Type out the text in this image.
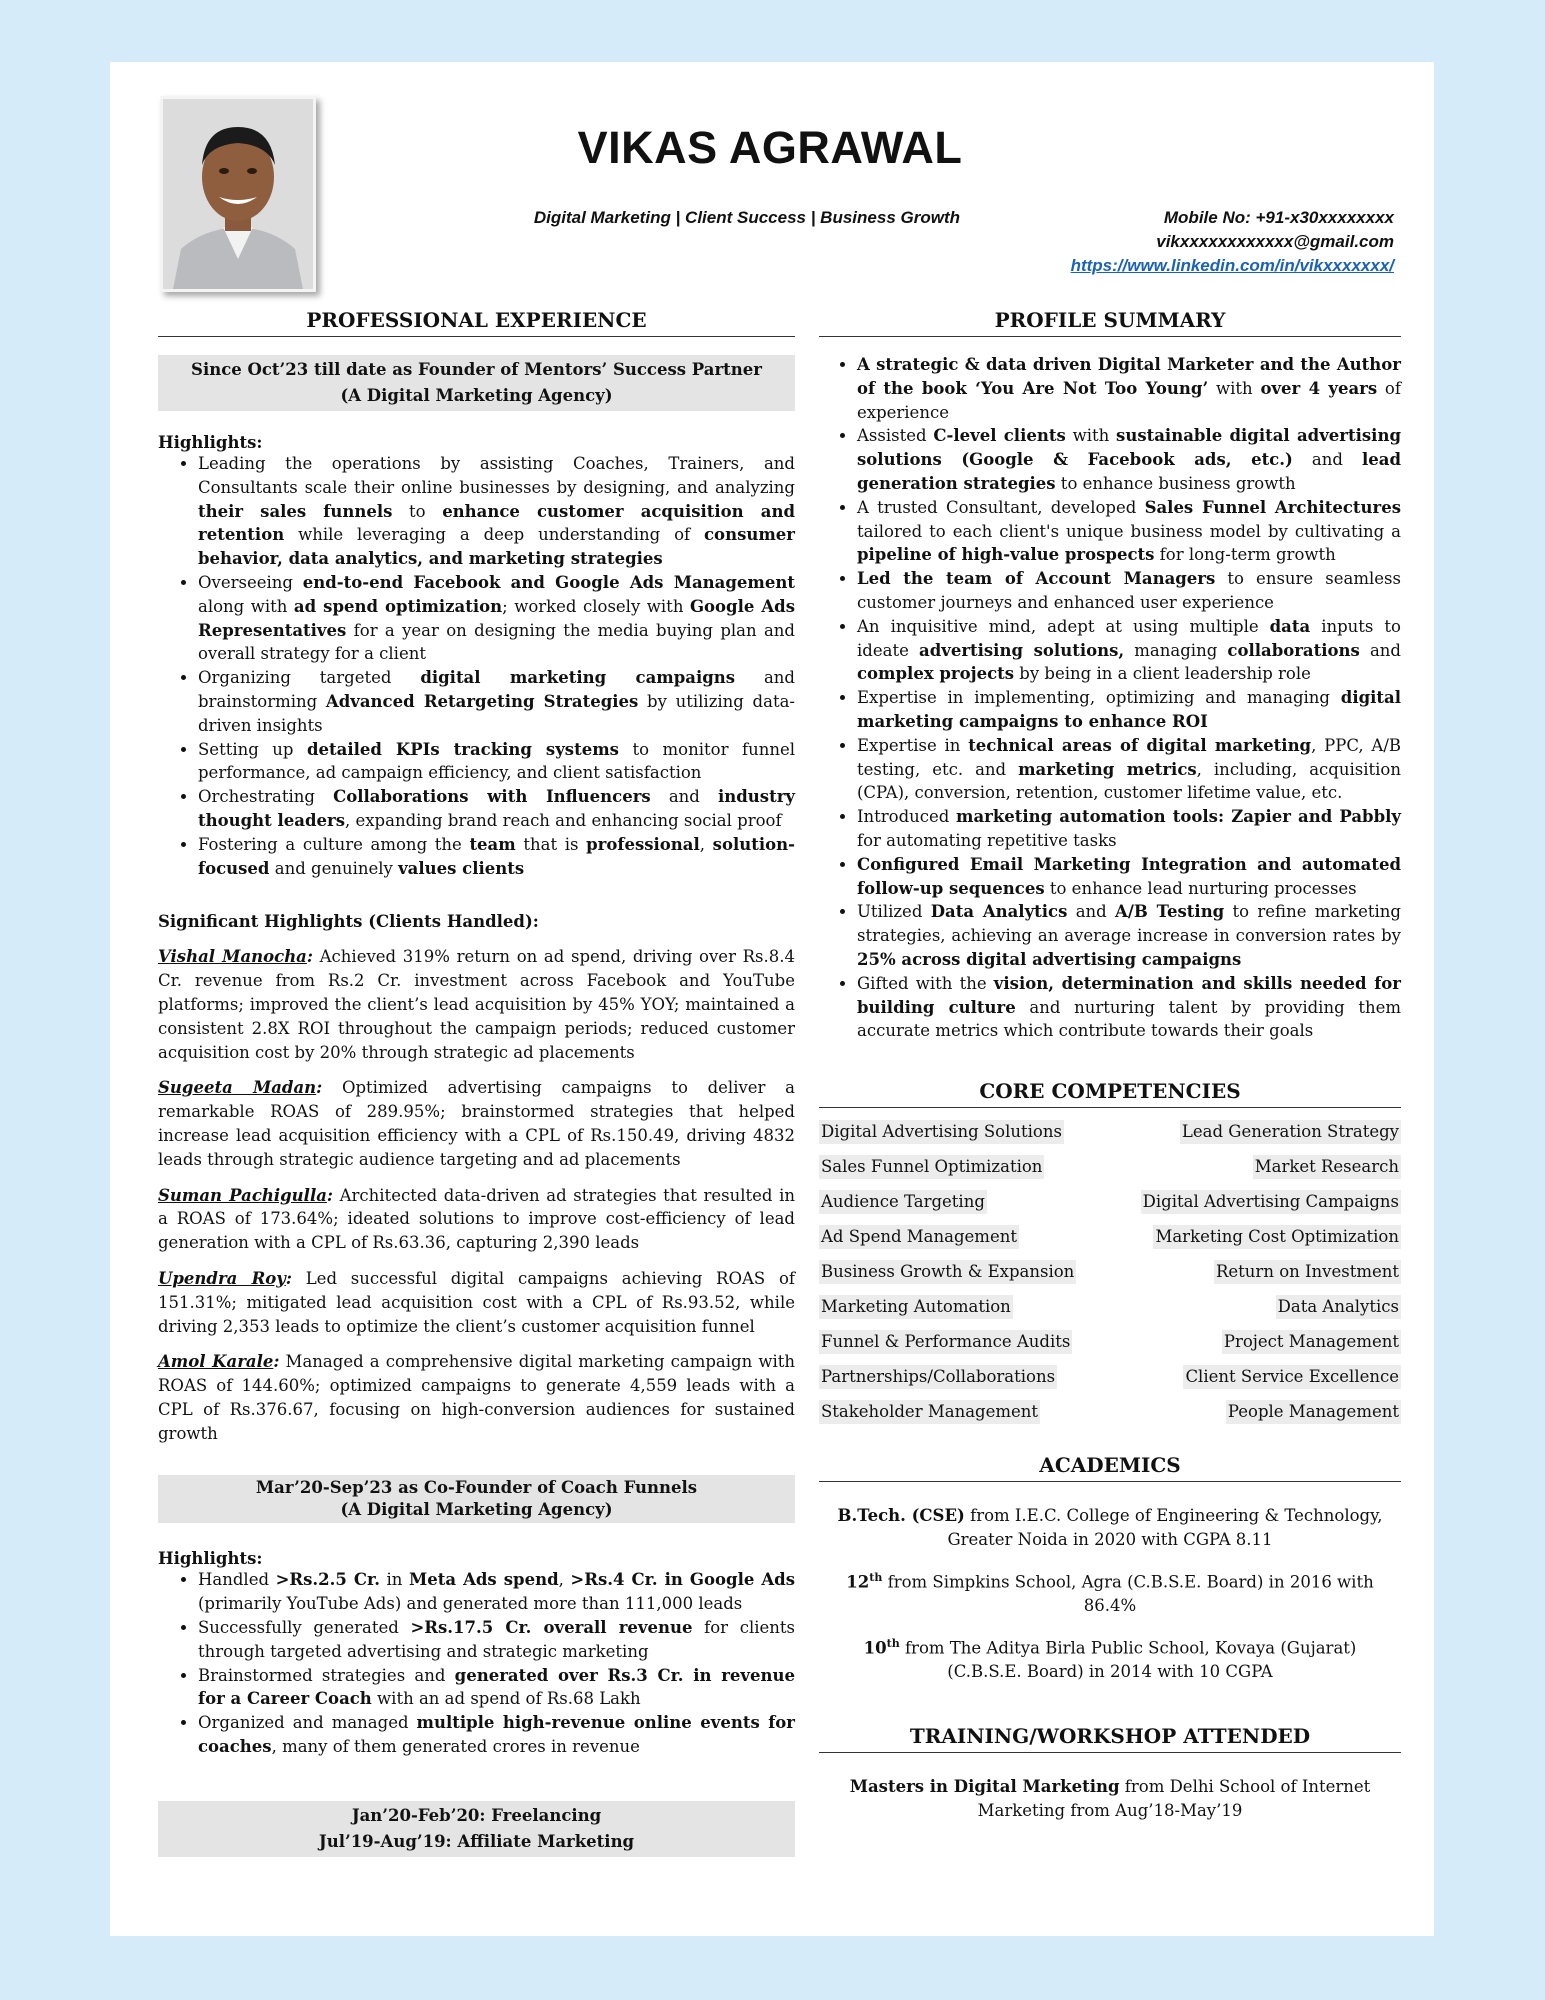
VIKAS AGRAWAL
Digital Marketing | Client Success | Business Growth	Mobile No: +91-x30xxxxxxxx
vikxxxxxxxxxxxx@gmail.com
https://www.linkedin.com/in/vikxxxxxxx/
PROFESSIONAL EXPERIENCE
Since Oct’23 till date as Founder of Mentors’ Success Partner
(A Digital Marketing Agency)
Highlights:
• Leading the operations by assisting Coaches, Trainers, and Consultants scale their online businesses by designing, and analyzing their sales funnels to enhance customer acquisition and retention while leveraging a deep understanding of consumer behavior, data analytics, and marketing strategies
• Overseeing end-to-end Facebook and Google Ads Management along with ad spend optimization; worked closely with Google Ads Representatives for a year on designing the media buying plan and overall strategy for a client
• Organizing targeted digital marketing campaigns and brainstorming Advanced Retargeting Strategies by utilizing data-driven insights
• Setting up detailed KPIs tracking systems to monitor funnel performance, ad campaign efficiency, and client satisfaction
• Orchestrating Collaborations with Influencers and industry thought leaders, expanding brand reach and enhancing social proof
• Fostering a culture among the team that is professional, solution-focused and genuinely values clients
Significant Highlights (Clients Handled):

Vishal Manocha: Achieved 319% return on ad spend, driving over Rs.8.4 Cr. revenue from Rs.2 Cr. investment across Facebook and YouTube platforms; improved the client’s lead acquisition by 45% YOY; maintained a consistent 2.8X ROI throughout the campaign periods; reduced customer acquisition cost by 20% through strategic ad placements

Sugeeta Madan: Optimized advertising campaigns to deliver a remarkable ROAS of 289.95%; brainstormed strategies that helped increase lead acquisition efficiency with a CPL of Rs.150.49, driving 4832 leads through strategic audience targeting and ad placements

Suman Pachigulla: Architected data-driven ad strategies that resulted in a ROAS of 173.64%; ideated solutions to improve cost-efficiency of lead generation with a CPL of Rs.63.36, capturing 2,390 leads

Upendra Roy: Led successful digital campaigns achieving ROAS of 151.31%; mitigated lead acquisition cost with a CPL of Rs.93.52, while driving 2,353 leads to optimize the client’s customer acquisition funnel

Amol Karale: Managed a comprehensive digital marketing campaign with ROAS of 144.60%; optimized campaigns to generate 4,559 leads with a CPL of Rs.376.67, focusing on high-conversion audiences for sustained growth

Mar’20-Sep’23 as Co-Founder of Coach Funnels
(A Digital Marketing Agency)
Highlights:
• Handled >Rs.2.5 Cr. in Meta Ads spend, >Rs.4 Cr. in Google Ads (primarily YouTube Ads) and generated more than 111,000 leads
• Successfully generated >Rs.17.5 Cr. overall revenue for clients through targeted advertising and strategic marketing
• Brainstormed strategies and generated over Rs.3 Cr. in revenue for a Career Coach with an ad spend of Rs.68 Lakh
• Organized and managed multiple high-revenue online events for coaches, many of them generated crores in revenue
Jan’20-Feb’20: Freelancing
Jul’19-Aug’19: Affiliate Marketing
PROFILE SUMMARY
• A strategic & data driven Digital Marketer and the Author of the book ‘You Are Not Too Young’ with over 4 years of experience
• Assisted C-level clients with sustainable digital advertising solutions (Google & Facebook ads, etc.) and lead generation strategies to enhance business growth
• A trusted Consultant, developed Sales Funnel Architectures tailored to each client's unique business model by cultivating a pipeline of high-value prospects for long-term growth
• Led the team of Account Managers to ensure seamless customer journeys and enhanced user experience
• An inquisitive mind, adept at using multiple data inputs to ideate advertising solutions, managing collaborations and complex projects by being in a client leadership role
• Expertise in implementing, optimizing and managing digital marketing campaigns to enhance ROI
• Expertise in technical areas of digital marketing, PPC, A/B testing, etc. and marketing metrics, including, acquisition (CPA), conversion, retention, customer lifetime value, etc.
• Introduced marketing automation tools: Zapier and Pabbly for automating repetitive tasks
• Configured Email Marketing Integration and automated follow-up sequences to enhance lead nurturing processes
• Utilized Data Analytics and A/B Testing to refine marketing strategies, achieving an average increase in conversion rates by 25% across digital advertising campaigns
• Gifted with the vision, determination and skills needed for building culture and nurturing talent by providing them accurate metrics which contribute towards their goals
CORE COMPETENCIES
Digital Advertising Solutions	Lead Generation Strategy
Sales Funnel Optimization	Market Research
Audience Targeting	Digital Advertising Campaigns
Ad Spend Management	Marketing Cost Optimization
Business Growth & Expansion	Return on Investment
Marketing Automation	Data Analytics
Funnel & Performance Audits	Project Management
Partnerships/Collaborations	Client Service Excellence
Stakeholder Management	People Management
ACADEMICS
B.Tech. (CSE) from I.E.C. College of Engineering & Technology, Greater Noida in 2020 with CGPA 8.11
12th from Simpkins School, Agra (C.B.S.E. Board) in 2016 with 86.4%
10th from The Aditya Birla Public School, Kovaya (Gujarat) (C.B.S.E. Board) in 2014 with 10 CGPA
TRAINING/WORKSHOP ATTENDED
Masters in Digital Marketing from Delhi School of Internet Marketing from Aug’18-May’19
